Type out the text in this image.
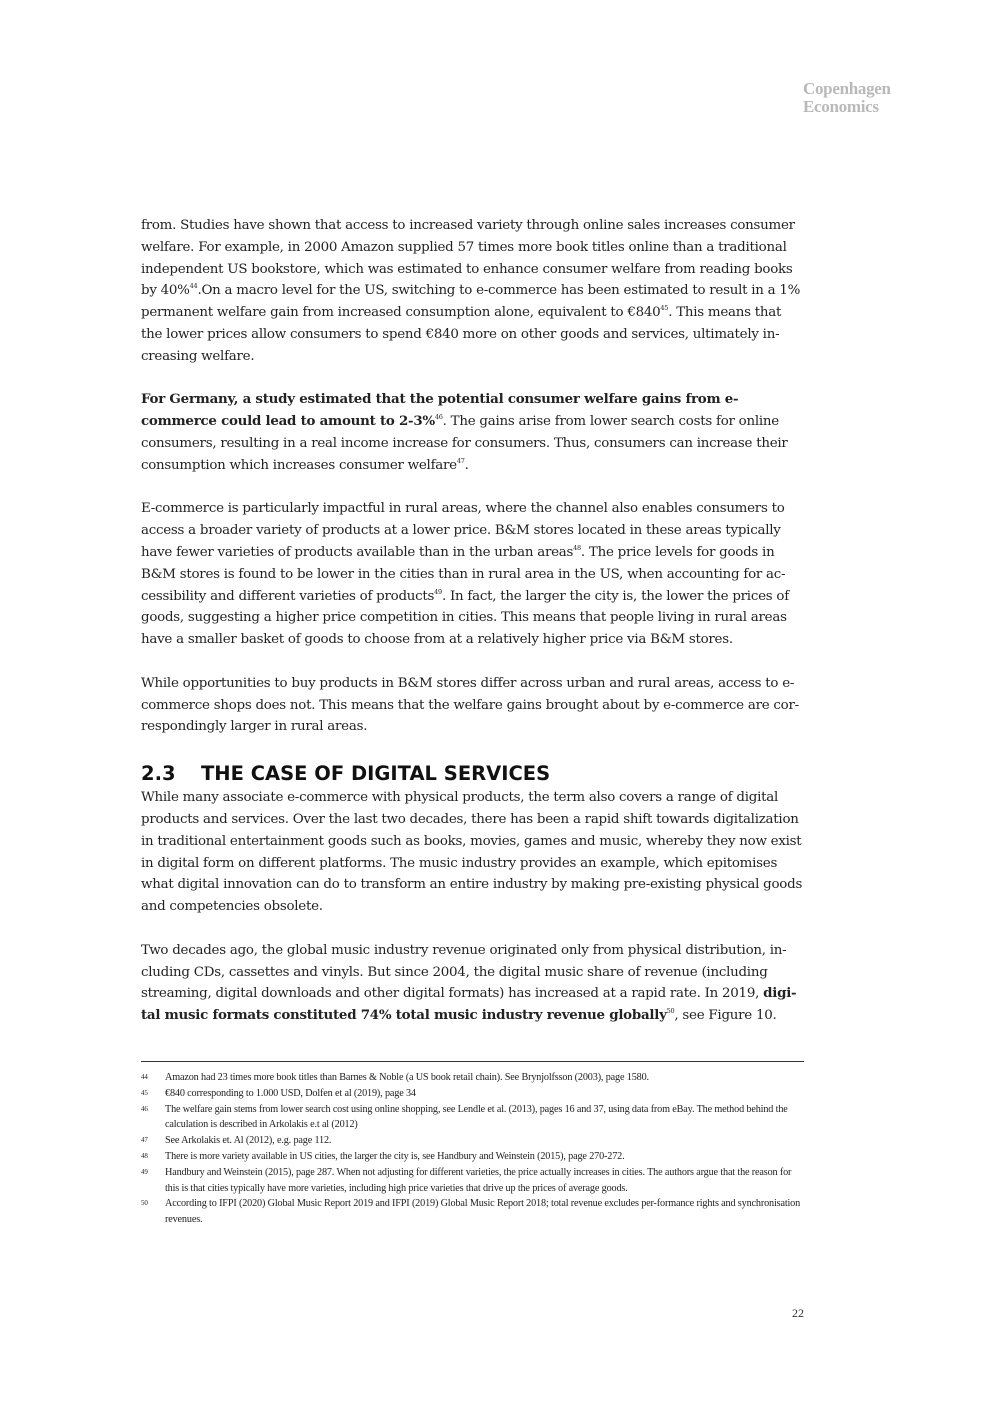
Copenhagen
Economics

from. Studies have shown that access to increased variety through online sales increases consumer welfare. For example, in 2000 Amazon supplied 57 times more book titles online than a traditional independent US bookstore, which was estimated to enhance consumer welfare from reading books by 40%$^{44}$.On a macro level for the US, switching to e-commerce has been estimated to result in a 1% permanent welfare gain from increased consumption alone, equivalent to €840$^{45}$. This means that the lower prices allow consumers to spend €840 more on other goods and services, ultimately in-creasing welfare.

For Germany, a study estimated that the potential consumer welfare gains from e-commerce could lead to amount to 2-3%$^{46}$. The gains arise from lower search costs for online consumers, resulting in a real income increase for consumers. Thus, consumers can increase their consumption which increases consumer welfare$^{47}$.

E-commerce is particularly impactful in rural areas, where the channel also enables consumers to access a broader variety of products at a lower price. B&M stores located in these areas typically have fewer varieties of products available than in the urban areas$^{48}$. The price levels for goods in B&M stores is found to be lower in the cities than in rural area in the US, when accounting for ac-cessibility and different varieties of products$^{49}$. In fact, the larger the city is, the lower the prices of goods, suggesting a higher price competition in cities. This means that people living in rural areas have a smaller basket of goods to choose from at a relatively higher price via B&M stores.

While opportunities to buy products in B&M stores differ across urban and rural areas, access to e-commerce shops does not. This means that the welfare gains brought about by e-commerce are cor-respondingly larger in rural areas.

2.3 THE CASE OF DIGITAL SERVICES

While many associate e-commerce with physical products, the term also covers a range of digital products and services. Over the last two decades, there has been a rapid shift towards digitalization in traditional entertainment goods such as books, movies, games and music, whereby they now exist in digital form on different platforms. The music industry provides an example, which epitomises what digital innovation can do to transform an entire industry by making pre-existing physical goods and competencies obsolete.

Two decades ago, the global music industry revenue originated only from physical distribution, in-cluding CDs, cassettes and vinyls. But since 2004, the digital music share of revenue (including streaming, digital downloads and other digital formats) has increased at a rapid rate. In 2019, digi-tal music formats constituted 74% total music industry revenue globally$^{50}$, see Figure 10.

44	Amazon had 23 times more book titles than Barnes & Noble (a US book retail chain). See Brynjolfsson (2003), page 1580.
45	€840 corresponding to 1.000 USD, Dolfen et al (2019), page 34
46	The welfare gain stems from lower search cost using online shopping, see Lendle et al. (2013), pages 16 and 37, using data from eBay. The method behind the calculation is described in Arkolakis e.t al (2012)
47	See Arkolakis et. Al (2012), e.g. page 112.
48	There is more variety available in US cities, the larger the city is, see Handbury and Weinstein (2015), page 270-272.
49	Handbury and Weinstein (2015), page 287. When not adjusting for different varieties, the price actually increases in cities. The authors argue that the reason for this is that cities typically have more varieties, including high price varieties that drive up the prices of average goods.
50	According to IFPI (2020) Global Music Report 2019 and IFPI (2019) Global Music Report 2018; total revenue excludes per-formance rights and synchronisation revenues.
22
